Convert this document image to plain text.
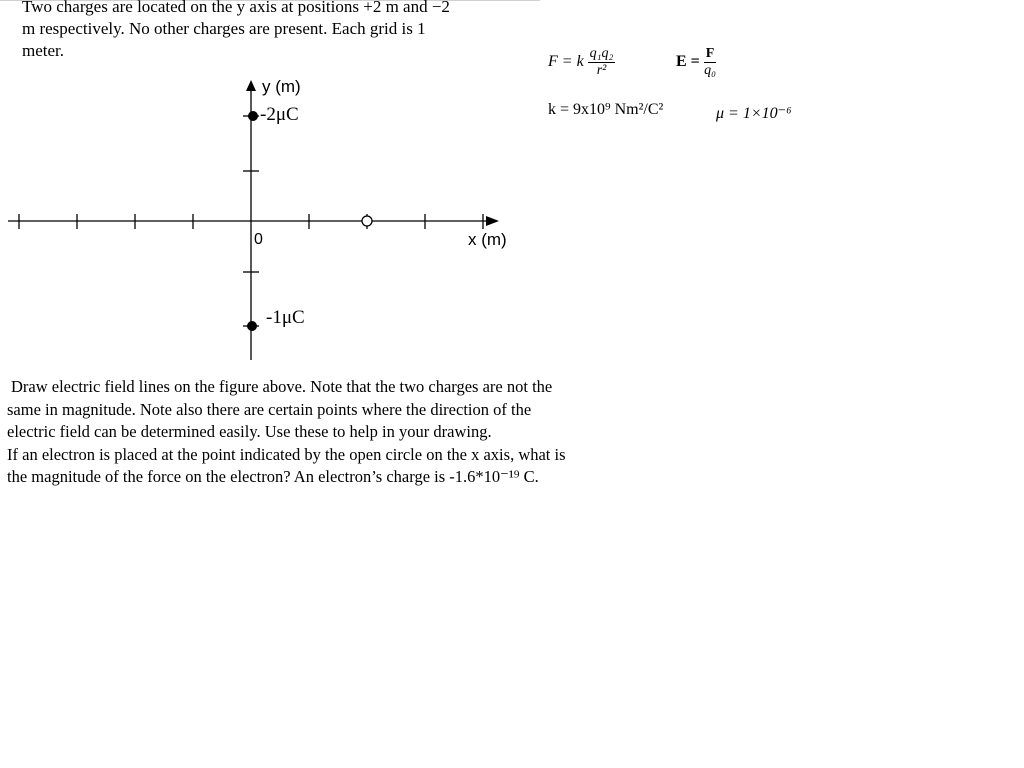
Two charges are located on the y axis at positions +2 m and −2
m respectively. No other charges are present. Each grid is 1
meter.

F = k $\frac{\text{q₁q₂}}{\text{r²}}$	$E = \frac{F}{\text{q₀}}$
k = 9x10⁹ Nm²/C²	μ = 1×10⁻⁶
y (m)
x (m)
0
-2μC
-1μC

Draw electric field lines on the figure above. Note that the two charges are not the
same in magnitude. Note also there are certain points where the direction of the
electric field can be determined easily. Use these to help in your drawing.
If an electron is placed at the point indicated by the open circle on the x axis, what is
the magnitude of the force on the electron? An electron’s charge is -1.6*10⁻¹⁹ C.
